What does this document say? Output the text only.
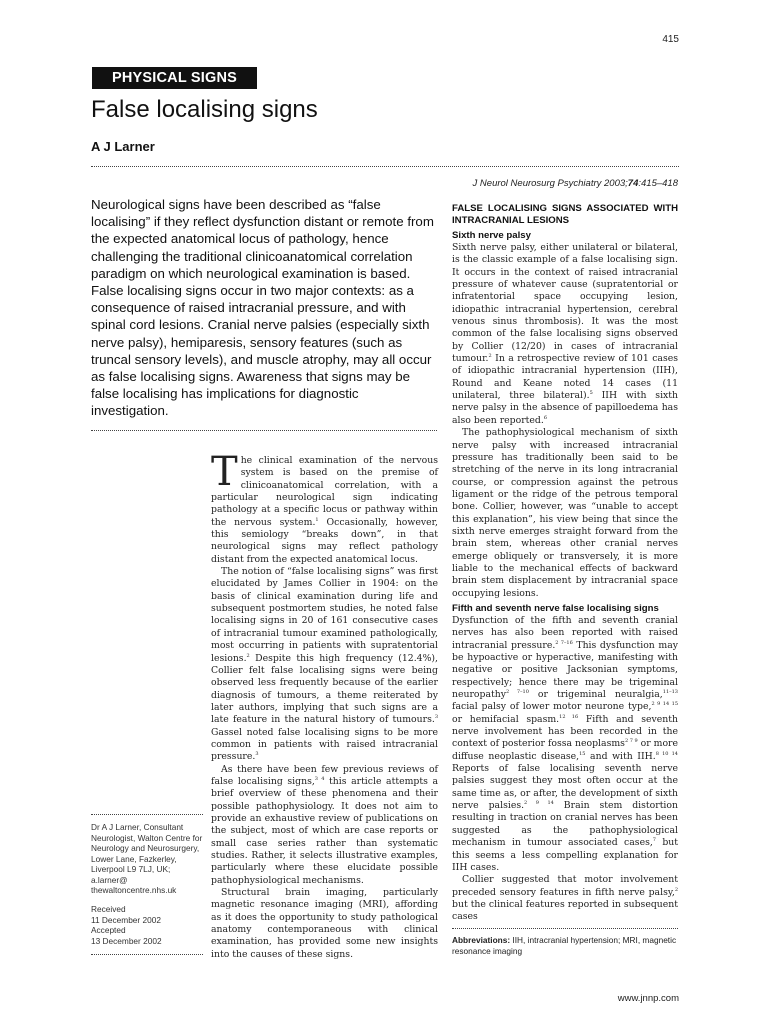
415
PHYSICAL SIGNS
False localising signs
A J Larner
J Neurol Neurosurg Psychiatry 2003;74:415–418

Neurological signs have been described as “false localising” if they reflect dysfunction distant or remote from the expected anatomical locus of pathology, hence challenging the traditional clinicoanatomical correlation paradigm on which neurological examination is based. False localising signs occur in two major contexts: as a consequence of raised intracranial pressure, and with spinal cord lesions. Cranial nerve palsies (especially sixth nerve palsy), hemiparesis, sensory features (such as truncal sensory levels), and muscle atrophy, may all occur as false localising signs. Awareness that signs may be false localising has implications for diagnostic investigation.

Dr A J Larner, Consultant Neurologist, Walton Centre for Neurology and Neurosurgery, Lower Lane, Fazkerley, Liverpool L9 7LJ, UK; a.larner@ thewaltoncentre.nhs.uk
Received
11 December 2002
Accepted
13 December 2002

The clinical examination of the nervous system is based on the premise of clinicoanatomical correlation, with a particular neurological sign indicating pathology at a specific locus or pathway within the nervous system.$^1$ Occasionally, however, this semiology “breaks down”, in that neurological signs may reflect pathology distant from the expected anatomical locus.

The notion of “false localising signs” was first elucidated by James Collier in 1904: on the basis of clinical examination during life and subsequent postmortem studies, he noted false localising signs in 20 of 161 consecutive cases of intracranial tumour examined pathologically, most occurring in patients with supratentorial lesions.$^2$ Despite this high frequency (12.4%), Collier felt false localising signs were being observed less frequently because of the earlier diagnosis of tumours, a theme reiterated by later authors, implying that such signs are a late feature in the natural history of tumours.$^3$ Gassel noted false localising signs to be more common in patients with raised intracranial pressure.$^3$

As there have been few previous reviews of false localising signs,$^{3 4}$ this article attempts a brief overview of these phenomena and their possible pathophysiology. It does not aim to provide an exhaustive review of publications on the subject, most of which are case reports or small case series rather than systematic studies. Rather, it selects illustrative examples, particularly where these elucidate possible pathophysiological mechanisms.

Structural brain imaging, particularly magnetic resonance imaging (MRI), affording as it does the opportunity to study pathological anatomy contemporaneous with clinical examination, has provided some new insights into the causes of these signs.

FALSE LOCALISING SIGNS ASSOCIATED WITH INTRACRANIAL LESIONS
Sixth nerve palsy

Sixth nerve palsy, either unilateral or bilateral, is the classic example of a false localising sign. It occurs in the context of raised intracranial pressure of whatever cause (supratentorial or infratentorial space occupying lesion, idiopathic intracranial hypertension, cerebral venous sinus thrombosis). It was the most common of the false localising signs observed by Collier (12/20) in cases of intracranial tumour.$^2$ In a retrospective review of 101 cases of idiopathic intracranial hypertension (IIH), Round and Keane noted 14 cases (11 unilateral, three bilateral).$^5$ IIH with sixth nerve palsy in the absence of papilloedema has also been reported.$^6$

The pathophysiological mechanism of sixth nerve palsy with increased intracranial pressure has traditionally been said to be stretching of the nerve in its long intracranial course, or compression against the petrous ligament or the ridge of the petrous temporal bone. Collier, however, was “unable to accept this explanation”, his view being that since the sixth nerve emerges straight forward from the brain stem, whereas other cranial nerves emerge obliquely or transversely, it is more liable to the mechanical effects of backward brain stem displacement by intracranial space occupying lesions.

Fifth and seventh nerve false localising signs

Dysfunction of the fifth and seventh cranial nerves has also been reported with raised intracranial pressure.$^{2 7-16}$ This dysfunction may be hypoactive or hyperactive, manifesting with negative or positive Jacksonian symptoms, respectively; hence there may be trigeminal neuropathy$^{2 7-10}$ or trigeminal neuralgia,$^{11-13}$ facial palsy of lower motor neurone type,$^{2 9 14 15}$ or hemifacial spasm.$^{12 16}$ Fifth and seventh nerve involvement has been recorded in the context of posterior fossa neoplasms$^{2 7 9}$ or more diffuse neoplastic disease,$^{15}$ and with IIH.$^{8 10 14}$ Reports of false localising seventh nerve palsies suggest they most often occur at the same time as, or after, the development of sixth nerve palsies.$^{2 9 14}$ Brain stem distortion resulting in traction on cranial nerves has been suggested as the pathophysiological mechanism in tumour associated cases,$^7$ but this seems a less compelling explanation for IIH cases.

Collier suggested that motor involvement preceded sensory features in fifth nerve palsy,$^2$ but the clinical features reported in subsequent cases

Abbreviations: IIH, intracranial hypertension; MRI, magnetic resonance imaging
www.jnnp.com
